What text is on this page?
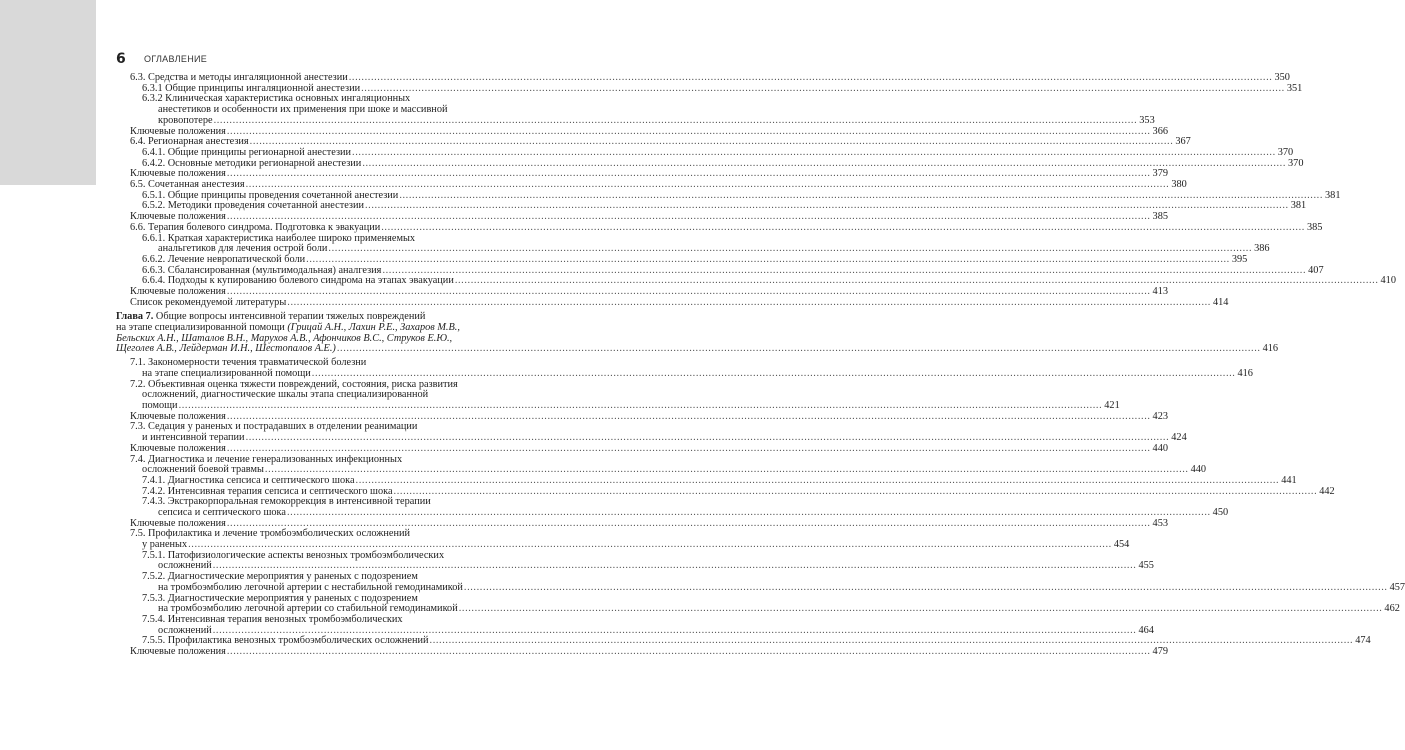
6 ОГЛАВЛЕНИЕ
6.3. Средства и методы ингаляционной анестезии .....	350
6.3.1 Общие принципы ингаляционной анестезии .....	351
6.3.2 Клиническая характеристика основных ингаляционных
анестетиков и особенности их применения при шоке и массивной
кровопотере .....	353
Ключевые положения .....	366
6.4. Регионарная анестезия .....	367
6.4.1. Общие принципы регионарной анестезии .....	370
6.4.2. Основные методики регионарной анестезии .....	370
Ключевые положения .....	379
6.5. Сочетанная анестезия .....	380
6.5.1. Общие принципы проведения сочетанной анестезии .....	381
6.5.2. Методики проведения сочетанной анестезии .....	381
Ключевые положения .....	385
6.6. Терапия болевого синдрома. Подготовка к эвакуации .....	385
6.6.1. Краткая характеристика наиболее широко применяемых
анальгетиков для лечения острой боли .....	386
6.6.2. Лечение невропатической боли .....	395
6.6.3. Сбалансированная (мультимодальная) аналгезия .....	407
6.6.4. Подходы к купированию болевого синдрома на этапах эвакуации .....	410
Ключевые положения .....	413
Список рекомендуемой литературы .....	414
Глава 7. Общие вопросы интенсивной терапии тяжелых повреждений
на этапе специализированной помощи (Грицай А.Н., Лахин Р.Е., Захаров М.В.,
Бельских А.Н., Шаталов В.Н., Марухов А.В., Афончиков В.С., Струков Е.Ю.,
Щеголев А.В., Лейдерман И.Н., Шестопалов А.Е.) .....	416
7.1. Закономерности течения травматической болезни
на этапе специализированной помощи .....	416
7.2. Объективная оценка тяжести повреждений, состояния, риска развития
осложнений, диагностические шкалы этапа специализированной
помощи .....	421
Ключевые положения .....	423
7.3. Седация у раненых и пострадавших в отделении реанимации
и интенсивной терапии .....	424
Ключевые положения .....	440
7.4. Диагностика и лечение генерализованных инфекционных
осложнений боевой травмы .....	440
7.4.1. Диагностика сепсиса и септического шока .....	441
7.4.2. Интенсивная терапия сепсиса и септического шока .....	442
7.4.3. Экстракорпоральная гемокоррекция в интенсивной терапии
сепсиса и септического шока .....	450
Ключевые положения .....	453
7.5. Профилактика и лечение тромбоэмболических осложнений
у раненых .....	454
7.5.1. Патофизиологические аспекты венозных тромбоэмболических
осложнений .....	455
7.5.2. Диагностические мероприятия у раненых с подозрением
на тромбоэмболию легочной артерии с нестабильной гемодинамикой .....	457
7.5.3. Диагностические мероприятия у раненых с подозрением
на тромбоэмболию легочной артерии со стабильной гемодинамикой .....	462
7.5.4. Интенсивная терапия венозных тромбоэмболических
осложнений .....	464
7.5.5. Профилактика венозных тромбоэмболических осложнений .....	474
Ключевые положения .....	479
